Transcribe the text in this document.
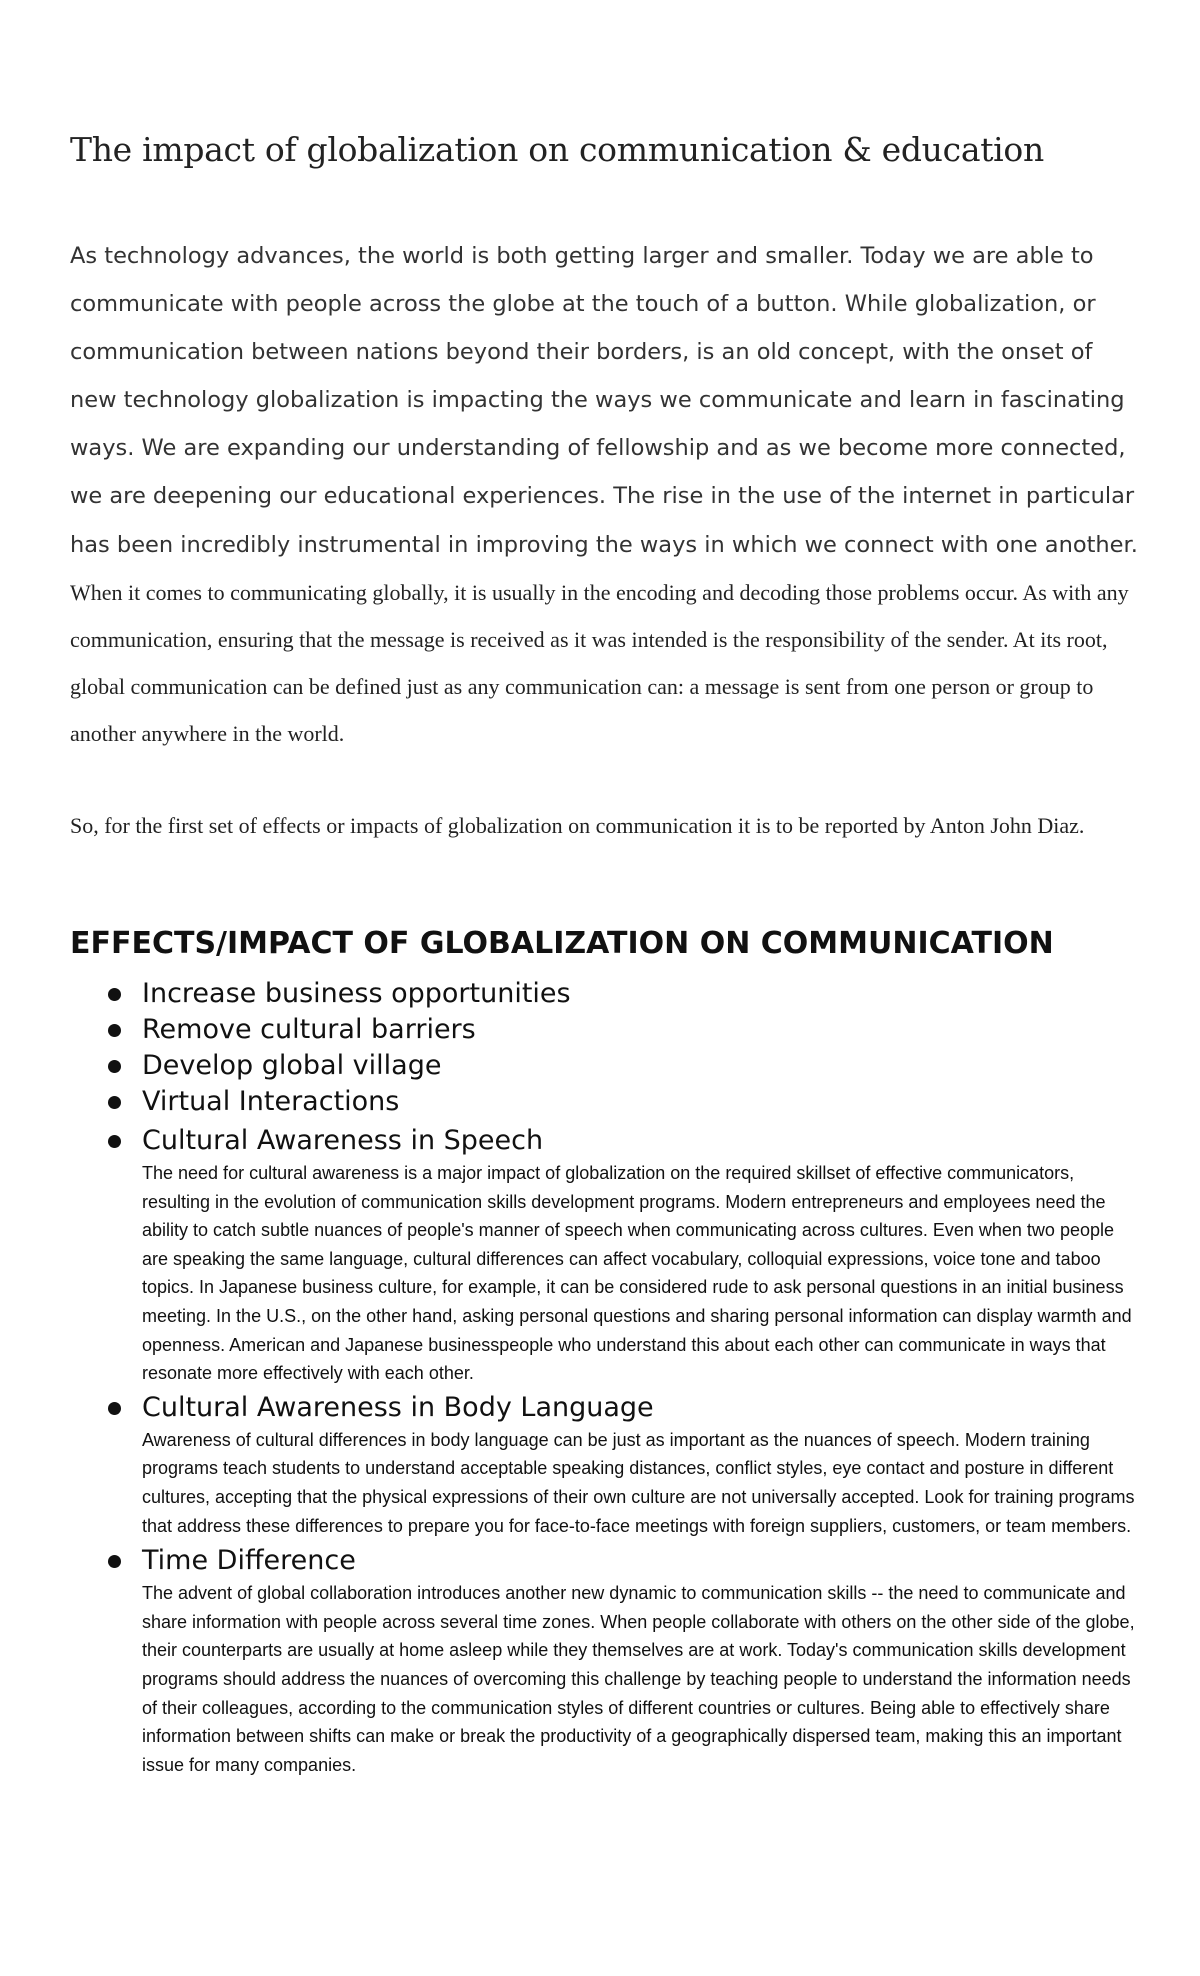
The impact of globalization on communication & education

As technology advances, the world is both getting larger and smaller. Today we are able to communicate with people across the globe at the touch of a button. While globalization, or communication between nations beyond their borders, is an old concept, with the onset of new technology globalization is impacting the ways we communicate and learn in fascinating ways. We are expanding our understanding of fellowship and as we become more connected, we are deepening our educational experiences. The rise in the use of the internet in particular has been incredibly instrumental in improving the ways in which we connect with one another. When it comes to communicating globally, it is usually in the encoding and decoding those problems occur. As with any communication, ensuring that the message is received as it was intended is the responsibility of the sender. At its root, global communication can be defined just as any communication can: a message is sent from one person or group to another anywhere in the world.

So, for the first set of effects or impacts of globalization on communication it is to be reported by Anton John Diaz.

EFFECTS/IMPACT OF GLOBALIZATION ON COMMUNICATION
Increase business opportunities
Remove cultural barriers
Develop global village
Virtual Interactions
Cultural Awareness in Speech

The need for cultural awareness is a major impact of globalization on the required skillset of effective communicators, resulting in the evolution of communication skills development programs. Modern entrepreneurs and employees need the ability to catch subtle nuances of people's manner of speech when communicating across cultures. Even when two people are speaking the same language, cultural differences can affect vocabulary, colloquial expressions, voice tone and taboo topics. In Japanese business culture, for example, it can be considered rude to ask personal questions in an initial business meeting. In the U.S., on the other hand, asking personal questions and sharing personal information can display warmth and openness. American and Japanese businesspeople who understand this about each other can communicate in ways that resonate more effectively with each other.

Cultural Awareness in Body Language

Awareness of cultural differences in body language can be just as important as the nuances of speech. Modern training programs teach students to understand acceptable speaking distances, conflict styles, eye contact and posture in different cultures, accepting that the physical expressions of their own culture are not universally accepted. Look for training programs that address these differences to prepare you for face-to-face meetings with foreign suppliers, customers, or team members.

Time Difference

The advent of global collaboration introduces another new dynamic to communication skills -- the need to communicate and share information with people across several time zones. When people collaborate with others on the other side of the globe, their counterparts are usually at home asleep while they themselves are at work. Today's communication skills development programs should address the nuances of overcoming this challenge by teaching people to understand the information needs of their colleagues, according to the communication styles of different countries or cultures. Being able to effectively share information between shifts can make or break the productivity of a geographically dispersed team, making this an important issue for many companies.
